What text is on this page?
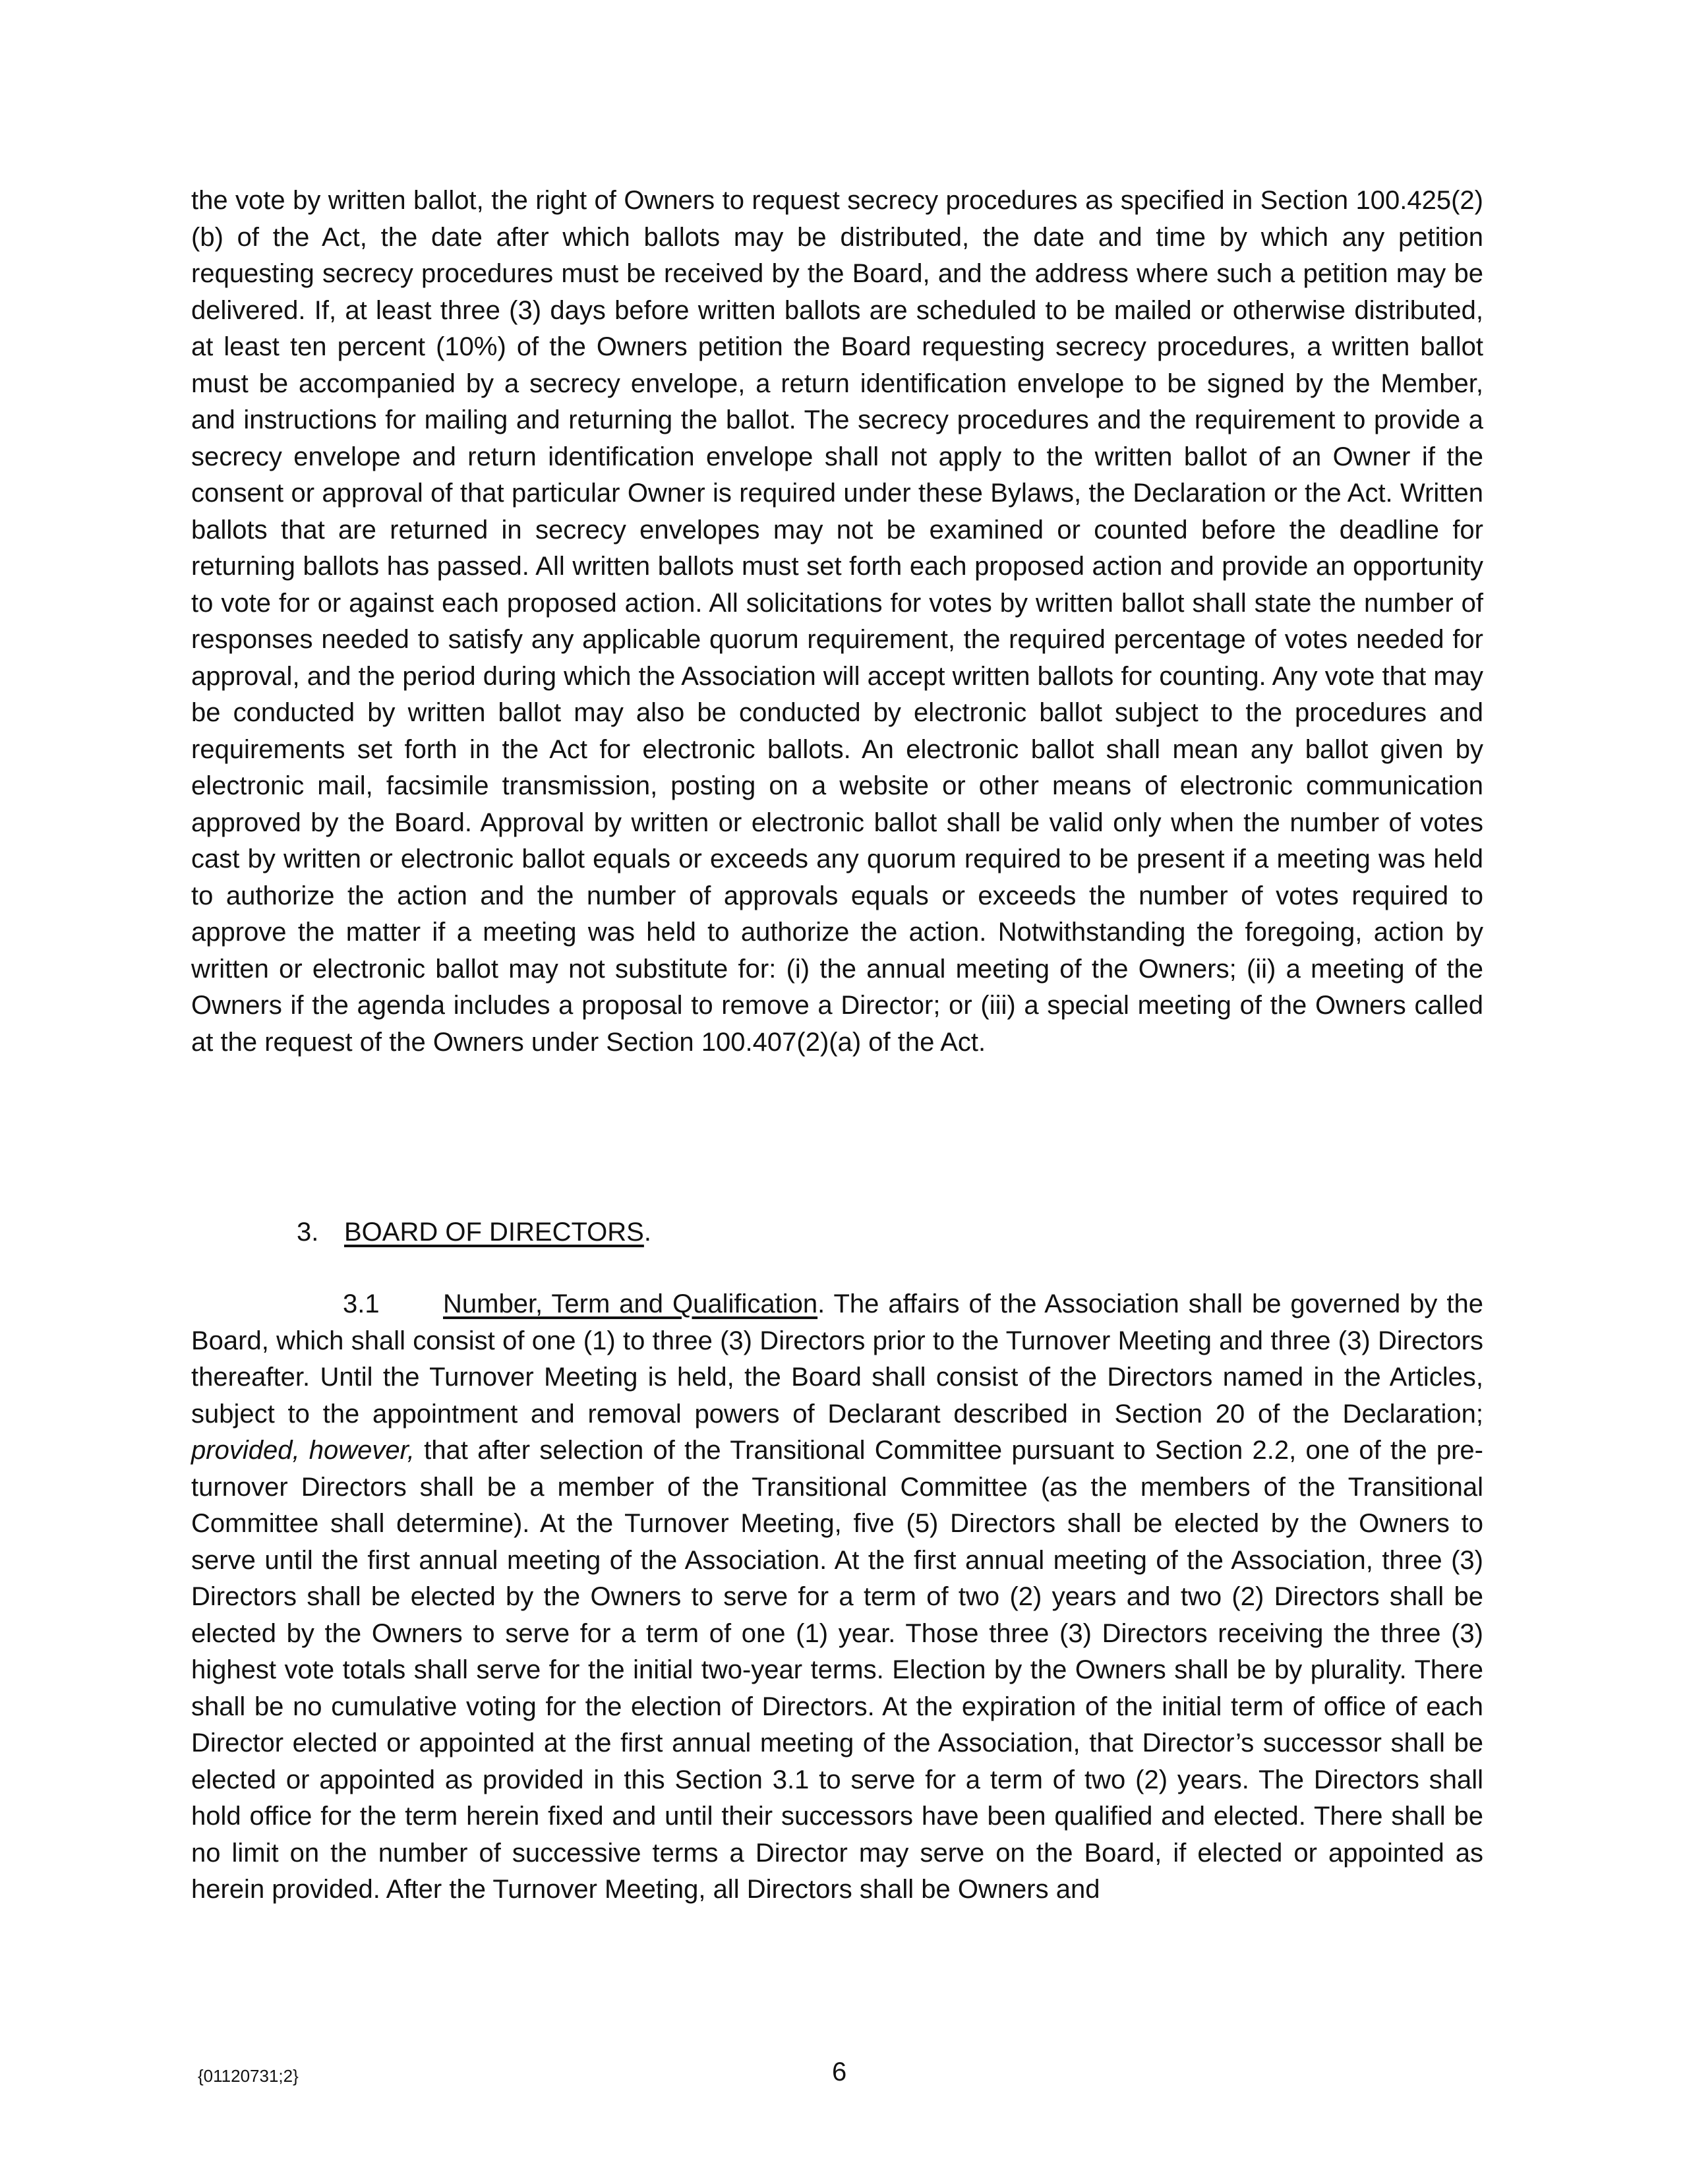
the vote by written ballot, the right of Owners to request secrecy procedures as specified in Section 100.425(2)(b) of the Act, the date after which ballots may be distributed, the date and time by which any petition requesting secrecy procedures must be received by the Board, and the address where such a petition may be delivered. If, at least three (3) days before written ballots are scheduled to be mailed or otherwise distributed, at least ten percent (10%) of the Owners petition the Board requesting secrecy procedures, a written ballot must be accompanied by a secrecy envelope, a return identification envelope to be signed by the Member, and instructions for mailing and returning the ballot. The secrecy procedures and the requirement to provide a secrecy envelope and return identification envelope shall not apply to the written ballot of an Owner if the consent or approval of that particular Owner is required under these Bylaws, the Declaration or the Act. Written ballots that are returned in secrecy envelopes may not be examined or counted before the deadline for returning ballots has passed. All written ballots must set forth each proposed action and provide an opportunity to vote for or against each proposed action. All solicitations for votes by written ballot shall state the number of responses needed to satisfy any applicable quorum requirement, the required percentage of votes needed for approval, and the period during which the Association will accept written ballots for counting. Any vote that may be conducted by written ballot may also be conducted by electronic ballot subject to the procedures and requirements set forth in the Act for electronic ballots. An electronic ballot shall mean any ballot given by electronic mail, facsimile transmission, posting on a website or other means of electronic communication approved by the Board. Approval by written or electronic ballot shall be valid only when the number of votes cast by written or electronic ballot equals or exceeds any quorum required to be present if a meeting was held to authorize the action and the number of approvals equals or exceeds the number of votes required to approve the matter if a meeting was held to authorize the action. Notwithstanding the foregoing, action by written or electronic ballot may not substitute for: (i) the annual meeting of the Owners; (ii) a meeting of the Owners if the agenda includes a proposal to remove a Director; or (iii) a special meeting of the Owners called at the request of the Owners under Section 100.407(2)(a) of the Act.

3. BOARD OF DIRECTORS.

3.1 Number, Term and Qualification. The affairs of the Association shall be governed by the Board, which shall consist of one (1) to three (3) Directors prior to the Turnover Meeting and three (3) Directors thereafter. Until the Turnover Meeting is held, the Board shall consist of the Directors named in the Articles, subject to the appointment and removal powers of Declarant described in Section 20 of the Declaration; provided, however, that after selection of the Transitional Committee pursuant to Section 2.2, one of the pre-turnover Directors shall be a member of the Transitional Committee (as the members of the Transitional Committee shall determine). At the Turnover Meeting, five (5) Directors shall be elected by the Owners to serve until the first annual meeting of the Association. At the first annual meeting of the Association, three (3) Directors shall be elected by the Owners to serve for a term of two (2) years and two (2) Directors shall be elected by the Owners to serve for a term of one (1) year. Those three (3) Directors receiving the three (3) highest vote totals shall serve for the initial two-year terms. Election by the Owners shall be by plurality. There shall be no cumulative voting for the election of Directors. At the expiration of the initial term of office of each Director elected or appointed at the first annual meeting of the Association, that Director’s successor shall be elected or appointed as provided in this Section 3.1 to serve for a term of two (2) years. The Directors shall hold office for the term herein fixed and until their successors have been qualified and elected. There shall be no limit on the number of successive terms a Director may serve on the Board, if elected or appointed as herein provided. After the Turnover Meeting, all Directors shall be Owners and

{01120731;2}	6
